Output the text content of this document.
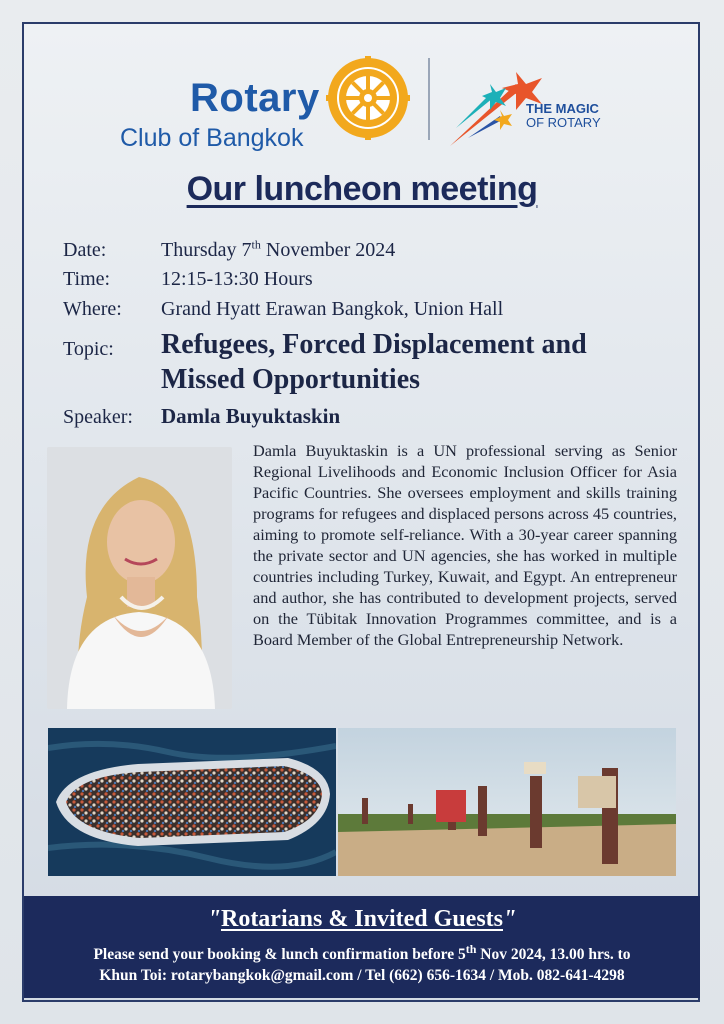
Rotary
Club of Bangkok
THE MAGIC
OF ROTARY
Our luncheon meeting
Date:	Thursday 7th November 2024
Time:	12:15-13:30 Hours
Where: Grand Hyatt Erawan Bangkok, Union Hall
Topic:	Refugees, Forced Displacement and Missed Opportunities
Speaker: Damla Buyuktaskin
Damla Buyuktaskin is a UN professional serving as Senior Regional Livelihoods and Economic Inclusion Officer for Asia Pacific Countries. She oversees employment and skills training programs for refugees and displaced persons across 45 countries, aiming to promote self-reliance. With a 30-year career spanning the private sector and UN agencies, she has worked in multiple countries including Turkey, Kuwait, and Egypt. An entrepreneur and author, she has contributed to development projects, served on the Tübitak Innovation Programmes committee, and is a Board Member of the Global Entrepreneurship Network.
"Rotarians & Invited Guests"
Please send your booking & lunch confirmation before 5th Nov 2024, 13.00 hrs. to
Khun Toi: rotarybangkok@gmail.com / Tel (662) 656-1634 / Mob. 082-641-4298
